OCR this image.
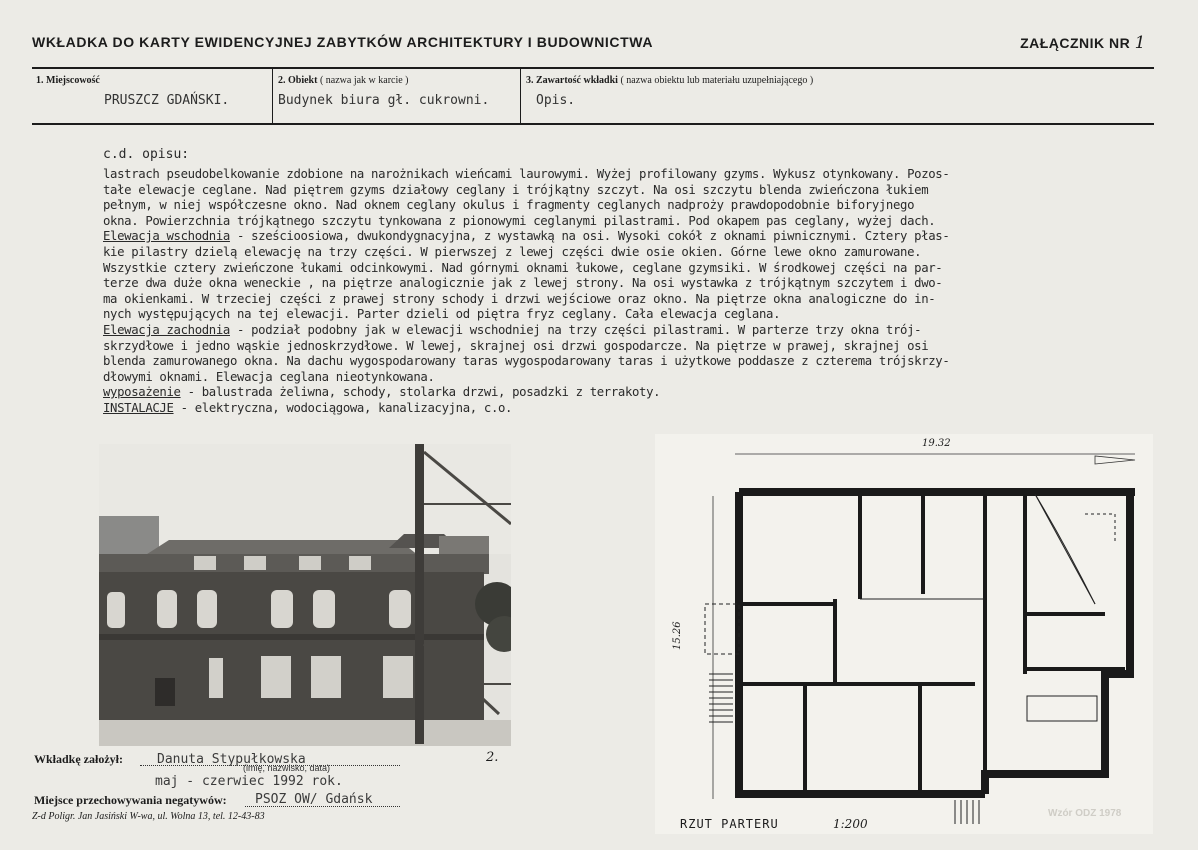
WKŁADKA DO KARTY EWIDENCYJNEJ ZABYTKÓW ARCHITEKTURY I BUDOWNICTWA	ZAŁĄCZNIK NR 1
1. Miejscowość
PRUSZCZ GDAŃSKI.
2. Obiekt ( nazwa jak w karcie )
Budynek biura gł. cukrowni.
3. Zawartość wkładki ( nazwa obiektu lub materiału uzupełniającego )
Opis.
c.d. opisu:

lastrach pseudobelkowanie zdobione na narożnikach wieńcami laurowymi. Wyżej profilowany gzyms. Wykusz otynkowany. Pozos-

tałe elewacje ceglane. Nad piętrem gzyms działowy ceglany i trójkątny szczyt. Na osi szczytu blenda zwieńczona łukiem

pełnym, w niej współczesne okno. Nad oknem ceglany okulus i fragmenty ceglanych nadproży prawdopodobnie biforyjnego

okna. Powierzchnia trójkątnego szczytu tynkowana z pionowymi ceglanymi pilastrami. Pod okapem pas ceglany, wyżej dach.

Elewacja wschodnia - sześcioosiowa, dwukondygnacyjna, z wystawką na osi. Wysoki cokół z oknami piwnicznymi. Cztery płas-

kie pilastry dzielą elewację na trzy części. W pierwszej z lewej części dwie osie okien. Górne lewe okno zamurowane.

Wszystkie cztery zwieńczone łukami odcinkowymi. Nad górnymi oknami łukowe, ceglane gzymsiki. W środkowej części na par-

terze dwa duże okna weneckie , na piętrze analogicznie jak z lewej strony. Na osi wystawka z trójkątnym szczytem i dwo-

ma okienkami. W trzeciej części z prawej strony schody i drzwi wejściowe oraz okno. Na piętrze okna analogiczne do in-

nych występujących na tej elewacji. Parter dzieli od piętra fryz ceglany. Cała elewacja ceglana.

Elewacja zachodnia - podział podobny jak w elewacji wschodniej na trzy części pilastrami. W parterze trzy okna trój-

skrzydłowe i jedno wąskie jednoskrzydłowe. W lewej, skrajnej osi drzwi gospodarcze. Na piętrze w prawej, skrajnej osi

blenda zamurowanego okna. Na dachu wygospodarowany taras wygospodarowany taras i użytkowe poddasze z czterema trójskrzy-

dłowymi oknami. Elewacja ceglana nieotynkowana.

wyposażenie - balustrada żeliwna, schody, stolarka drzwi, posadzki z terrakoty.

INSTALACJE - elektryczna, wodociągowa, kanalizacyjna, c.o.

2.
19.32
15.26
RZUT PARTERU	1:200
Wkładkę założył:	Danuta Stypułkowska
(imię, nazwisko, data)
maj - czerwiec 1992 rok.
Miejsce przechowywania negatywów: PSOZ OW/ Gdańsk
Z-d Poligr. Jan Jasiński W-wa, ul. Wolna 13, tel. 12-43-83	Wzór ODZ 1978
